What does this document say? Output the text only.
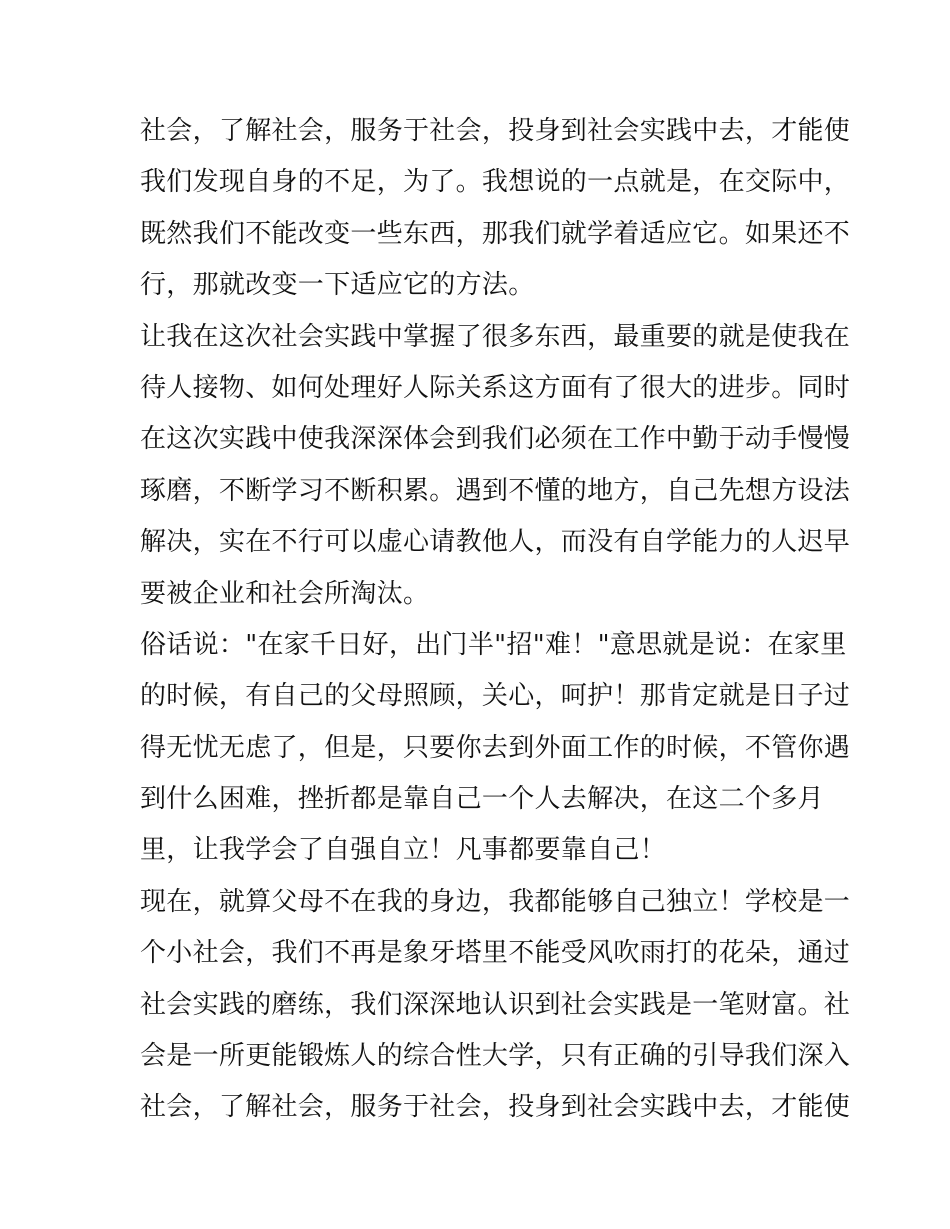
社会，了解社会，服务于社会，投身到社会实践中去，才能使
我们发现自身的不足，为了。我想说的一点就是，在交际中，
既然我们不能改变一些东西，那我们就学着适应它。如果还不
行，那就改变一下适应它的方法。
让我在这次社会实践中掌握了很多东西，最重要的就是使我在
待人接物、如何处理好人际关系这方面有了很大的进步。同时
在这次实践中使我深深体会到我们必须在工作中勤于动手慢慢
琢磨，不断学习不断积累。遇到不懂的地方，自己先想方设法
解决，实在不行可以虚心请教他人，而没有自学能力的人迟早
要被企业和社会所淘汰。
俗话说："在家千日好，出门半"招"难！"意思就是说：在家里
的时候，有自己的父母照顾，关心，呵护！那肯定就是日子过
得无忧无虑了，但是，只要你去到外面工作的时候，不管你遇
到什么困难，挫折都是靠自己一个人去解决，在这二个多月
里，让我学会了自强自立！凡事都要靠自己！
现在，就算父母不在我的身边，我都能够自己独立！学校是一
个小社会，我们不再是象牙塔里不能受风吹雨打的花朵，通过
社会实践的磨练，我们深深地认识到社会实践是一笔财富。社
会是一所更能锻炼人的综合性大学，只有正确的引导我们深入
社会，了解社会，服务于社会，投身到社会实践中去，才能使
